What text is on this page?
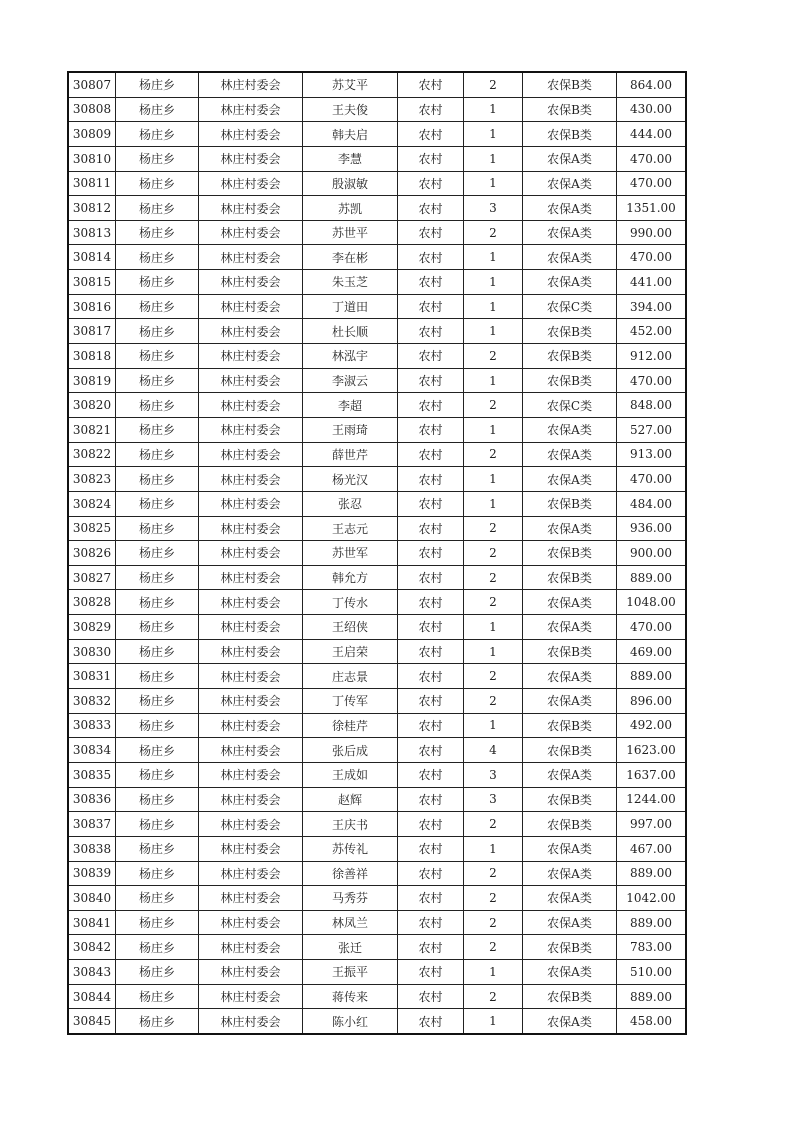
30807	杨庄乡	林庄村委会	苏艾平	农村	2	农保B类	864.00
30808	杨庄乡	林庄村委会	王夫俊	农村	1	农保B类	430.00
30809	杨庄乡	林庄村委会	韩夫启	农村	1	农保B类	444.00
30810	杨庄乡	林庄村委会	李慧	农村	1	农保A类	470.00
30811	杨庄乡	林庄村委会	殷淑敏	农村	1	农保A类	470.00
30812	杨庄乡	林庄村委会	苏凯	农村	3	农保A类	1351.00
30813	杨庄乡	林庄村委会	苏世平	农村	2	农保A类	990.00
30814	杨庄乡	林庄村委会	李在彬	农村	1	农保A类	470.00
30815	杨庄乡	林庄村委会	朱玉芝	农村	1	农保A类	441.00
30816	杨庄乡	林庄村委会	丁道田	农村	1	农保C类	394.00
30817	杨庄乡	林庄村委会	杜长顺	农村	1	农保B类	452.00
30818	杨庄乡	林庄村委会	林泓宇	农村	2	农保B类	912.00
30819	杨庄乡	林庄村委会	李淑云	农村	1	农保B类	470.00
30820	杨庄乡	林庄村委会	李超	农村	2	农保C类	848.00
30821	杨庄乡	林庄村委会	王雨琦	农村	1	农保A类	527.00
30822	杨庄乡	林庄村委会	薛世芹	农村	2	农保A类	913.00
30823	杨庄乡	林庄村委会	杨光汉	农村	1	农保A类	470.00
30824	杨庄乡	林庄村委会	张忍	农村	1	农保B类	484.00
30825	杨庄乡	林庄村委会	王志元	农村	2	农保A类	936.00
30826	杨庄乡	林庄村委会	苏世军	农村	2	农保B类	900.00
30827	杨庄乡	林庄村委会	韩允方	农村	2	农保B类	889.00
30828	杨庄乡	林庄村委会	丁传水	农村	2	农保A类	1048.00
30829	杨庄乡	林庄村委会	王绍侠	农村	1	农保A类	470.00
30830	杨庄乡	林庄村委会	王启荣	农村	1	农保B类	469.00
30831	杨庄乡	林庄村委会	庄志景	农村	2	农保A类	889.00
30832	杨庄乡	林庄村委会	丁传军	农村	2	农保A类	896.00
30833	杨庄乡	林庄村委会	徐桂芹	农村	1	农保B类	492.00
30834	杨庄乡	林庄村委会	张后成	农村	4	农保B类	1623.00
30835	杨庄乡	林庄村委会	王成如	农村	3	农保A类	1637.00
30836	杨庄乡	林庄村委会	赵辉	农村	3	农保B类	1244.00
30837	杨庄乡	林庄村委会	王庆书	农村	2	农保B类	997.00
30838	杨庄乡	林庄村委会	苏传礼	农村	1	农保A类	467.00
30839	杨庄乡	林庄村委会	徐善祥	农村	2	农保A类	889.00
30840	杨庄乡	林庄村委会	马秀芬	农村	2	农保A类	1042.00
30841	杨庄乡	林庄村委会	林凤兰	农村	2	农保A类	889.00
30842	杨庄乡	林庄村委会	张迁	农村	2	农保B类	783.00
30843	杨庄乡	林庄村委会	王振平	农村	1	农保A类	510.00
30844	杨庄乡	林庄村委会	蒋传来	农村	2	农保B类	889.00
30845	杨庄乡	林庄村委会	陈小红	农村	1	农保A类	458.00
